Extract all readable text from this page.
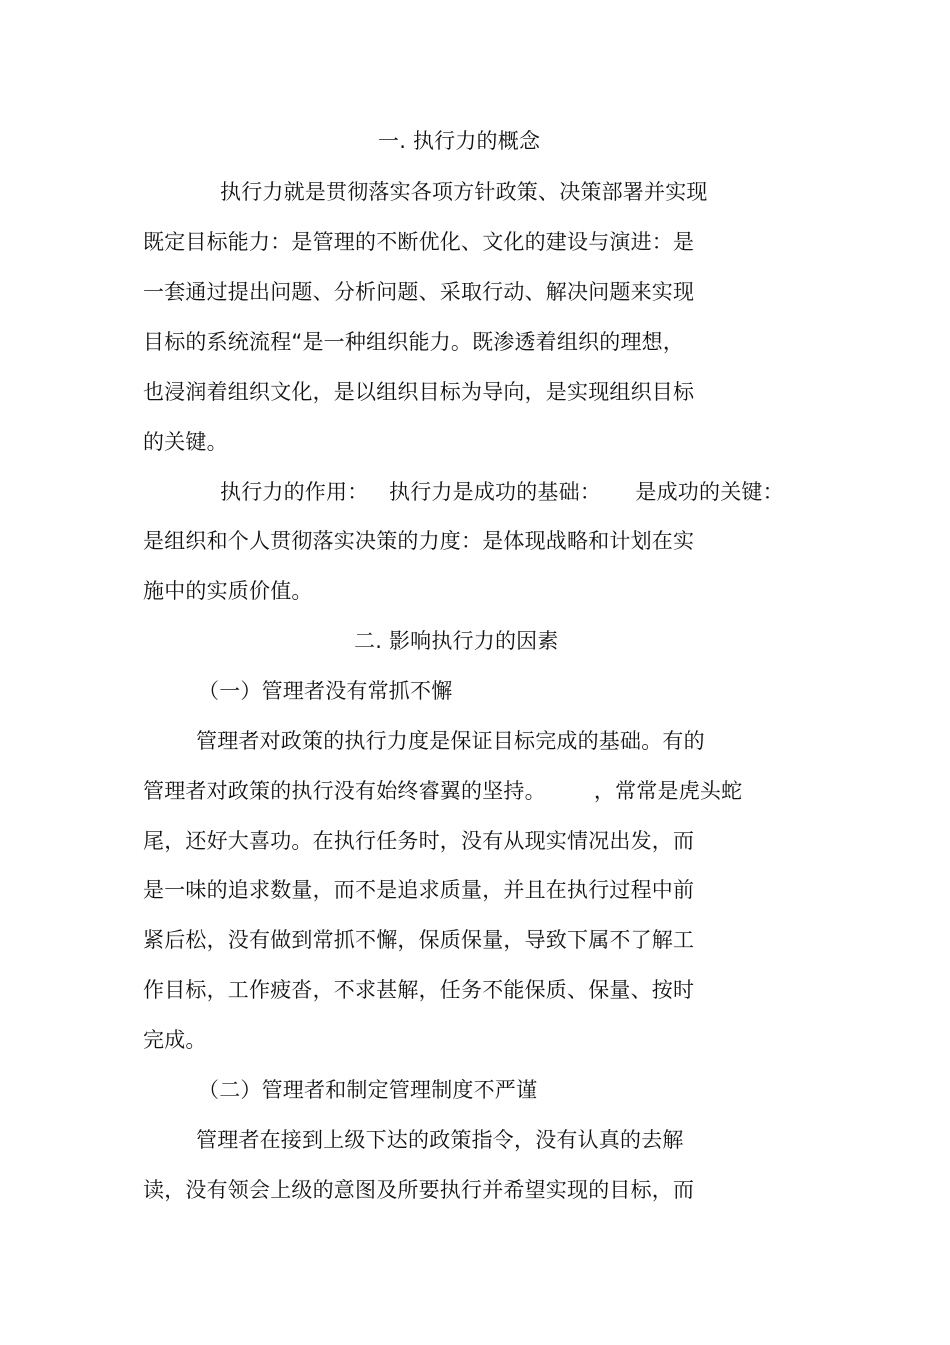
一. 执行力的概念
执行力就是贯彻落实各项方针政策、决策部署并实现
既定目标能力：是管理的不断优化、文化的建设与演进：是
一套通过提出问题、分析问题、采取行动、解决问题来实现
目标的系统流程“是一种组织能力。既渗透着组织的理想，
也浸润着组织文化，是以组织目标为导向，是实现组织目标
的关键。
执行力的作用：   执行力是成功的基础：     是成功的关键：
是组织和个人贯彻落实决策的力度：是体现战略和计划在实
施中的实质价值。
二. 影响执行力的因素
（一）管理者没有常抓不懈
管理者对政策的执行力度是保证目标完成的基础。有的
管理者对政策的执行没有始终睿翼的坚持。       ，常常是虎头蛇
尾，还好大喜功。在执行任务时，没有从现实情况出发，而
是一味的追求数量，而不是追求质量，并且在执行过程中前
紧后松，没有做到常抓不懈，保质保量，导致下属不了解工
作目标，工作疲沓，不求甚解，任务不能保质、保量、按时
完成。
（二）管理者和制定管理制度不严谨
管理者在接到上级下达的政策指令，没有认真的去解
读，没有领会上级的意图及所要执行并希望实现的目标，而
